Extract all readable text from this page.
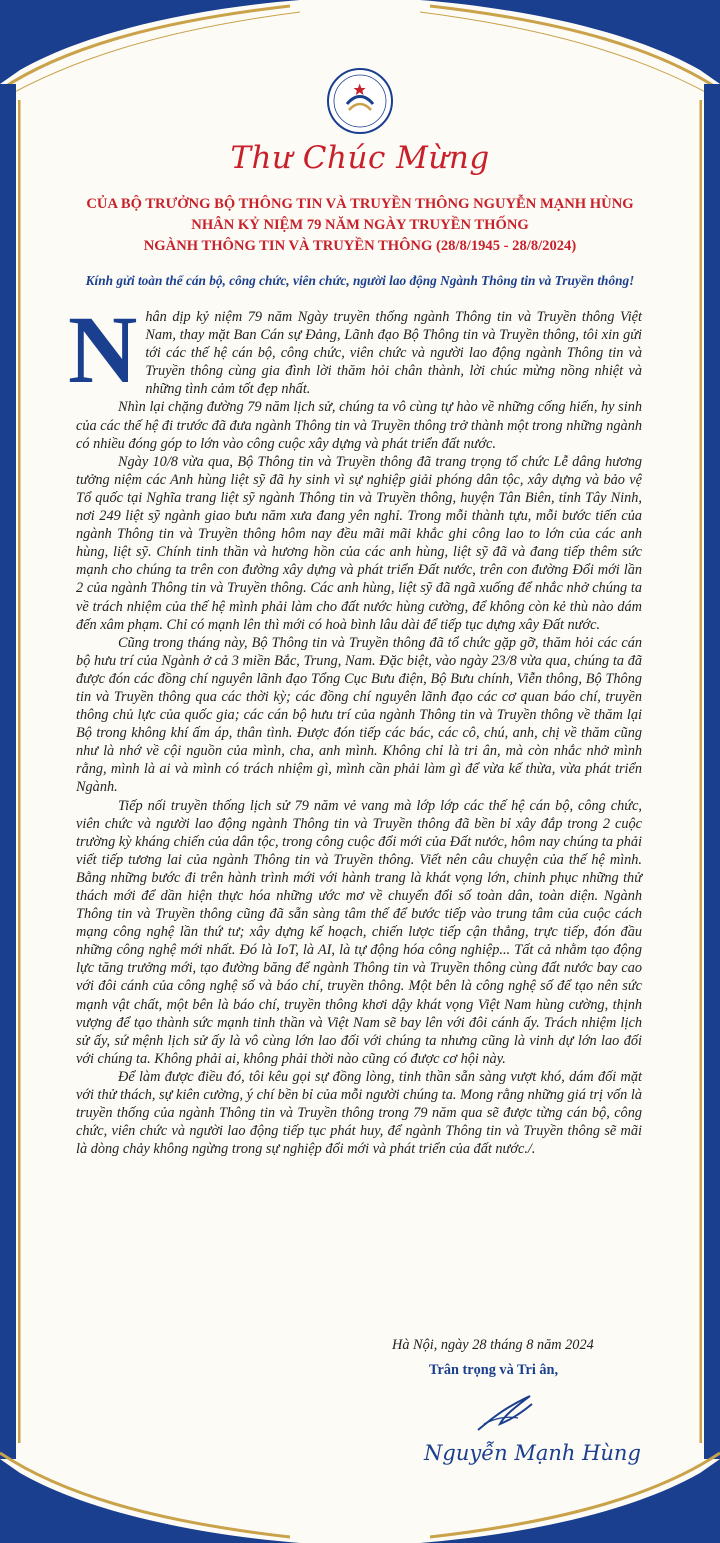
Thư Chúc Mừng
CỦA BỘ TRƯỞNG BỘ THÔNG TIN VÀ TRUYỀN THÔNG NGUYỄN MẠNH HÙNG
NHÂN KỶ NIỆM 79 NĂM NGÀY TRUYỀN THỐNG
NGÀNH THÔNG TIN VÀ TRUYỀN THÔNG (28/8/1945 - 28/8/2024)
Kính gửi toàn thể cán bộ, công chức, viên chức, người lao động Ngành Thông tin và Truyền thông!

Nhân dịp kỷ niệm 79 năm Ngày truyền thống ngành Thông tin và Truyền thông Việt Nam, thay mặt Ban Cán sự Đảng, Lãnh đạo Bộ Thông tin và Truyền thông, tôi xin gửi tới các thế hệ cán bộ, công chức, viên chức và người lao động ngành Thông tin và Truyền thông cùng gia đình lời thăm hỏi chân thành, lời chúc mừng nồng nhiệt và những tình cảm tốt đẹp nhất.

Nhìn lại chặng đường 79 năm lịch sử, chúng ta vô cùng tự hào về những cống hiến, hy sinh của các thế hệ đi trước đã đưa ngành Thông tin và Truyền thông trở thành một trong những ngành có nhiều đóng góp to lớn vào công cuộc xây dựng và phát triển đất nước.

Ngày 10/8 vừa qua, Bộ Thông tin và Truyền thông đã trang trọng tổ chức Lễ dâng hương tưởng niệm các Anh hùng liệt sỹ đã hy sinh vì sự nghiệp giải phóng dân tộc, xây dựng và bảo vệ Tổ quốc tại Nghĩa trang liệt sỹ ngành Thông tin và Truyền thông, huyện Tân Biên, tỉnh Tây Ninh, nơi 249 liệt sỹ ngành giao bưu năm xưa đang yên nghỉ. Trong mỗi thành tựu, mỗi bước tiến của ngành Thông tin và Truyền thông hôm nay đều mãi mãi khắc ghi công lao to lớn của các anh hùng, liệt sỹ. Chính tinh thần và hương hồn của các anh hùng, liệt sỹ đã và đang tiếp thêm sức mạnh cho chúng ta trên con đường xây dựng và phát triển Đất nước, trên con đường Đổi mới lần 2 của ngành Thông tin và Truyền thông. Các anh hùng, liệt sỹ đã ngã xuống để nhắc nhở chúng ta về trách nhiệm của thế hệ mình phải làm cho đất nước hùng cường, để không còn kẻ thù nào dám đến xâm phạm. Chỉ có mạnh lên thì mới có hoà bình lâu dài để tiếp tục dựng xây Đất nước.

Cũng trong tháng này, Bộ Thông tin và Truyền thông đã tổ chức gặp gỡ, thăm hỏi các cán bộ hưu trí của Ngành ở cả 3 miền Bắc, Trung, Nam. Đặc biệt, vào ngày 23/8 vừa qua, chúng ta đã được đón các đồng chí nguyên lãnh đạo Tổng Cục Bưu điện, Bộ Bưu chính, Viễn thông, Bộ Thông tin và Truyền thông qua các thời kỳ; các đồng chí nguyên lãnh đạo các cơ quan báo chí, truyền thông chủ lực của quốc gia; các cán bộ hưu trí của ngành Thông tin và Truyền thông về thăm lại Bộ trong không khí ấm áp, thân tình. Được đón tiếp các bác, các cô, chú, anh, chị về thăm cũng như là nhớ về cội nguồn của mình, cha, anh mình. Không chỉ là tri ân, mà còn nhắc nhở mình rằng, mình là ai và mình có trách nhiệm gì, mình cần phải làm gì để vừa kế thừa, vừa phát triển Ngành.

Tiếp nối truyền thống lịch sử 79 năm vẻ vang mà lớp lớp các thế hệ cán bộ, công chức, viên chức và người lao động ngành Thông tin và Truyền thông đã bền bỉ xây đắp trong 2 cuộc trường kỳ kháng chiến của dân tộc, trong công cuộc đổi mới của Đất nước, hôm nay chúng ta phải viết tiếp tương lai của ngành Thông tin và Truyền thông. Viết nên câu chuyện của thế hệ mình. Bằng những bước đi trên hành trình mới với hành trang là khát vọng lớn, chinh phục những thử thách mới để dần hiện thực hóa những ước mơ về chuyển đổi số toàn dân, toàn diện. Ngành Thông tin và Truyền thông cũng đã sẵn sàng tâm thế để bước tiếp vào trung tâm của cuộc cách mạng công nghệ lần thứ tư; xây dựng kế hoạch, chiến lược tiếp cận thẳng, trực tiếp, đón đầu những công nghệ mới nhất. Đó là IoT, là AI, là tự động hóa công nghiệp... Tất cả nhằm tạo động lực tăng trưởng mới, tạo đường băng để ngành Thông tin và Truyền thông cùng đất nước bay cao với đôi cánh của công nghệ số và báo chí, truyền thông. Một bên là công nghệ số để tạo nên sức mạnh vật chất, một bên là báo chí, truyền thông khơi dậy khát vọng Việt Nam hùng cường, thịnh vượng để tạo thành sức mạnh tinh thần và Việt Nam sẽ bay lên với đôi cánh ấy. Trách nhiệm lịch sử ấy, sứ mệnh lịch sử ấy là vô cùng lớn lao đối với chúng ta nhưng cũng là vinh dự lớn lao đối với chúng ta. Không phải ai, không phải thời nào cũng có được cơ hội này.

Để làm được điều đó, tôi kêu gọi sự đồng lòng, tinh thần sẵn sàng vượt khó, dám đối mặt với thử thách, sự kiên cường, ý chí bền bỉ của mỗi người chúng ta. Mong rằng những giá trị vốn là truyền thống của ngành Thông tin và Truyền thông trong 79 năm qua sẽ được từng cán bộ, công chức, viên chức và người lao động tiếp tục phát huy, để ngành Thông tin và Truyền thông sẽ mãi là dòng chảy không ngừng trong sự nghiệp đổi mới và phát triển của đất nước./.

Hà Nội, ngày 28 tháng 8 năm 2024
Trân trọng và Tri ân,
Nguyễn Mạnh Hùng
